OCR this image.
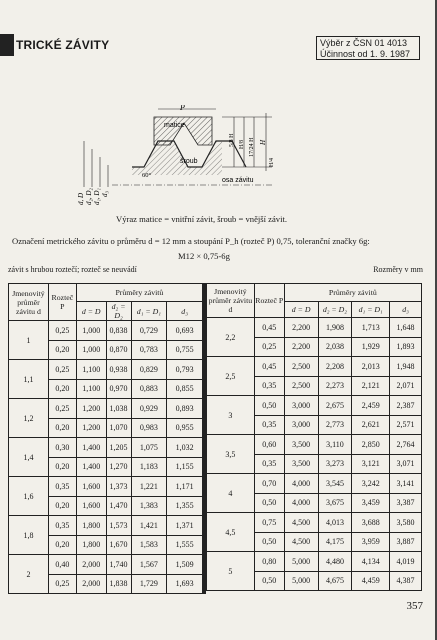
TRICKÉ ZÁVITY	Výběr z ČSN 01 4013
Účinnost od 1. 9. 1987
P
matice
šroub
osa závitu
60°
d, D d₂, D₂ d₁, D₁ d₃
5/8 H H/8 17/24 H H
H/4
Výraz matice = vnitřní závit, šroub = vnější závit.
Označení metrického závitu o průměru d = 12 mm a stoupání P_h (rozteč P) 0,75, toleranční značky 6g:
M12 × 0,75-6g
závit s hrubou roztečí; rozteč se neuvádí	Rozměry v mm
Jmenovitý průměr závitu d	Rozteč P	Průměry závitů			
		d = D	d₂ = D₂	d₁ = D₁	d₃
1	0,25	1,000	0,838	0,729	0,693
	0,20	1,000	0,870	0,783	0,755
1,1	0,25	1,100	0,938	0,829	0,793
	0,20	1,100	0,970	0,883	0,855
1,2	0,25	1,200	1,038	0,929	0,893
	0,20	1,200	1,070	0,983	0,955
1,4	0,30	1,400	1,205	1,075	1,032
	0,20	1,400	1,270	1,183	1,155
1,6	0,35	1,600	1,373	1,221	1,171
	0,20	1,600	1,470	1,383	1,355
1,8	0,35	1,800	1,573	1,421	1,371
	0,20	1,800	1,670	1,583	1,555
2	0,40	2,000	1,740	1,567	1,509
	0,25	2,000	1,838	1,729	1,693
Jmenovitý průměr závitu d	Rozteč P	Průměry závitů			
		d = D	d₂ = D₂	d₁ = D₁	d₃
2,2	0,45	2,200	1,908	1,713	1,648
	0,25	2,200	2,038	1,929	1,893
2,5	0,45	2,500	2,208	2,013	1,948
	0,35	2,500	2,273	2,121	2,071
3	0,50	3,000	2,675	2,459	2,387
	0,35	3,000	2,773	2,621	2,571
3,5	0,60	3,500	3,110	2,850	2,764
	0,35	3,500	3,273	3,121	3,071
4	0,70	4,000	3,545	3,242	3,141
	0,50	4,000	3,675	3,459	3,387
4,5	0,75	4,500	4,013	3,688	3,580
	0,50	4,500	4,175	3,959	3,887
5	0,80	5,000	4,480	4,134	4,019
	0,50	5,000	4,675	4,459	4,387
357
